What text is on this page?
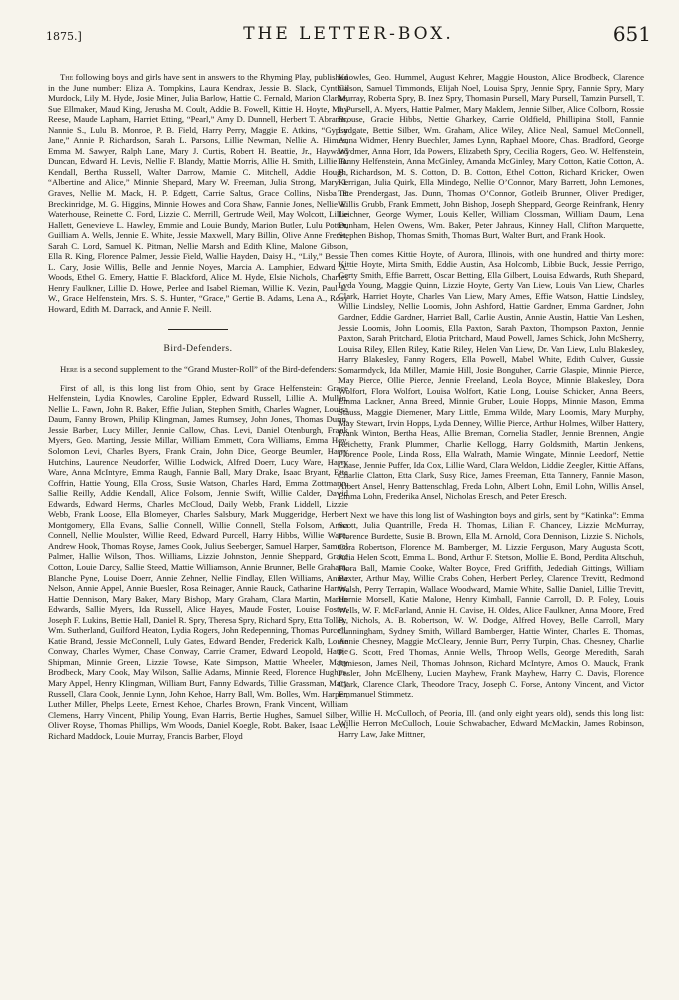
1875.]	THE LETTER-BOX.	651

The following boys and girls have sent in answers to the Rhyming Play, published in the June number: Eliza A. Tompkins, Laura Kendrax, Jessie B. Slack, Cynthia Murdock, Lily M. Hyde, Josie Miner, Julia Barlow, Hattie C. Fernald, Marion Clarke, Sue Ellmaker, Maud King, Jerusha M. Coult, Addie B. Fowell, Kittie H. Hoyte, May Reese, Maude Lapham, Harriet Etting, “Pearl,” Amy D. Dunnell, Herbert T. Abrams, Nannie S., Lulu B. Monroe, P. B. Field, Harry Perry, Maggie E. Atkins, “Gypsy Jane,” Annie P. Richardson, Sarah L. Parsons, Lillie Newman, Nellie A. Himes, Emma M. Sawyer, Ralph Lane, Mary J. Curtis, Robert H. Beattie, Jr., Hayward Duncan, Edward H. Levis, Nellie F. Blandy, Mattie Morris, Allie H. Smith, Lillie B. Kendall, Bertha Russell, Walter Darrow, Mamie C. Mitchell, Addie Hough, “Albertine and Alice,” Minnie Shepard, Mary W. Freeman, Julia Strong, Mary I. Graves, Nellie M. Mack, H. P. Edgett, Carrie Saltus, Grace Collins, Nisba P. Breckinridge, M. G. Higgins, Minnie Howes and Cora Shaw, Fannie Jones, Nellie E. Waterhouse, Reinette C. Ford, Lizzie C. Merrill, Gertrude Weil, May Wolcott, Lillie Hallett, Genevieve L. Hawley, Emmie and Louie Bundy, Marion Butler, Lulu Potter, Guilliam A. Wells, Jennie E. White, Jessie Maxwell, Mary Billin, Olive Anne Freret, Sarah C. Lord, Samuel K. Pitman, Nellie Marsh and Edith Kline, Malone Gibson, Ella R. King, Florence Palmer, Jessie Field, Wallie Hayden, Daisy H., “Lily,” Bessie L. Cary, Josie Willis, Belle and Jennie Noyes, Marcia A. Lamphier, Edward A. Woods, Ethel G. Emery, Hattie F. Blackford, Alice M. Hyde, Elsie Nichols, Charles Henry Faulkner, Lillie D. Howe, Perlee and Isabel Rieman, Willie K. Vezin, Paul E. W., Grace Helfenstein, Mrs. S. S. Hunter, “Grace,” Gertie B. Adams, Lena A., Rosy Howard, Edith M. Darrack, and Annie F. Neill.

Bird-Defenders.

Here is a second supplement to the “Grand Muster-Roll” of the Bird-defenders:

First of all, is this long list from Ohio, sent by Grace Helfenstein: Grace Helfenstein, Lydia Knowles, Caroline Eppler, Edward Russell, Lillie A. Mullin, Nellie L. Fawn, John R. Baker, Effie Julian, Stephen Smith, Charles Wagner, Louisa Daum, Fanny Brown, Philip Klingman, James Rumsey, John Jones, Thomas Dunn, Jessie Barber, Lucy Miller, Jennie Callow, Chas. Levi, Daniel Otenburgh, Frank Myers, Geo. Marting, Jessie Millar, William Emmett, Cora Williams, Emma Hey, Solomon Levi, Charles Byers, Frank Crain, John Dice, George Beumler, Harry Hutchins, Laurence Neudorfer, Willie Lodwick, Alfred Doerr, Lucy Ware, Harry Ware, Anna McIntyre, Emma Raugh, Fannie Ball, Mary Drake, Isaac Bryant, Etta Coffrin, Hattie Young, Ella Cross, Susie Watson, Charles Hard, Emma Zottmann, Sallie Reilly, Addie Kendall, Alice Folsom, Jennie Swift, Willie Calder, David Edwards, Edward Herms, Charles McCloud, Daily Webb, Frank Liddell, Lizzie Webb, Frank Loose, Ella Blomeyer, Charles Salsbury, Mark Muggeridge, Herbert Montgomery, Ella Evans, Sallie Connell, Willie Connell, Stella Folsom, Anna Connell, Nellie Moulster, Willie Reed, Edward Purcell, Harry Hibbs, Willie Ware, Andrew Hook, Thomas Royse, James Cook, Julius Seeberger, Samuel Harper, Samuel Palmer, Hallie Wilson, Thos. Williams, Lizzie Johnston, Jennie Sheppard, Grace Cotton, Louie Darcy, Sallie Steed, Mattie Williamson, Annie Brunner, Belle Graham, Blanche Pyne, Louise Doerr, Annie Zehner, Nellie Findlay, Ellen Williams, Annie Nelson, Annie Appel, Annie Buesler, Rosa Reinager, Annie Rauck, Catharine Harris, Hattie Dennison, Mary Baker, Mary Bishop, Mary Graham, Clara Martin, Martin Edwards, Sallie Myers, Ida Russell, Alice Hayes, Maude Foster, Louise Foster, Joseph F. Lukins, Bettie Hall, Daniel R. Spry, Theresa Spry, Richard Spry, Etta Tolley, Wm. Sutherland, Guilford Heaton, Lydia Rogers, John Redepenning, Thomas Purcell, Katie Brand, Jessie McConnell, Luly Gates, Edward Bender, Frederick Kalb, Louie Conway, Charles Wymer, Chase Conway, Carrie Cramer, Edward Leopold, Hattie Shipman, Minnie Green, Lizzie Towse, Kate Simpson, Mattie Wheeler, Mary Brodbeck, Mary Cook, May Wilson, Sallie Adams, Minnie Reed, Florence Hughes, Mary Appel, Henry Klingman, William Burt, Fanny Edwards, Tillie Grassman, Mary Russell, Clara Cook, Jennie Lynn, John Kehoe, Harry Ball, Wm. Bolles, Wm. Harper, Luther Miller, Phelps Leete, Ernest Kehoe, Charles Brown, Frank Vincent, William Clemens, Harry Vincent, Philip Young, Evan Harris, Bertie Hughes, Samuel Silber, Oliver Royse, Thomas Phillips, Wm Woods, Daniel Koegle, Robt. Baker, Isaac Levi, Richard Maddock, Louie Murray, Francis Barber, Floyd

Knowles, Geo. Hummel, August Kehrer, Maggie Houston, Alice Brodbeck, Clarence Gilson, Samuel Timmonds, Elijah Noel, Louisa Spry, Jennie Spry, Fannie Spry, Mary Murray, Roberta Spry, B. Inez Spry, Thomasin Pursell, Mary Pursell, Tamzin Pursell, T. J. Pursell, A. Myers, Hattie Palmer, Mary Maklem, Jennie Silber, Alice Colborn, Rossie Brouse, Gracie Hibbs, Nettie Gharkey, Carrie Oldfield, Phillipina Stoll, Fannie Ludgate, Bettie Silber, Wm. Graham, Alice Wiley, Alice Neal, Samuel McConnell, Anna Widmer, Henry Buechler, James Lynn, Raphael Moore, Chas. Bradford, George Wydmer, Anna Horr, Ida Powers, Elizabeth Spry, Cecilia Rogers, Geo. W. Helfenstein, Fanny Helfenstein, Anna McGinley, Amanda McGinley, Mary Cotton, Katie Cotton, A. B. Richardson, M. S. Cotton, D. B. Cotton, Ethel Cotton, Richard Kricker, Owen Kerrigan, Julia Quirk, Ella Mindego, Nellie O’Connor, Mary Barrett, John Lemones, Tate Prendergast, Jas. Dunn, Thomas O’Connor, Gotleib Brunner, Oliver Prediger, Willis Grubb, Frank Emmett, John Bishop, Joseph Sheppard, George Reinfrank, Henry Leichner, George Wymer, Louis Keller, William Clossman, William Daum, Lena Dunham, Helen Owens, Wm. Baker, Peter Jahraus, Kinney Hall, Clifton Marquette, Stephen Bishop, Thomas Smith, Thomas Burt, Walter Burt, and Frank Hook.

Then comes Kittie Hoyte, of Aurora, Illinois, with one hundred and thirty more: Kittie Hoyte, Mirta Smith, Eddie Austin, Asa Holcomb, Libbie Buck, Jessie Perrigo, Gerty Smith, Effie Barrett, Oscar Betting, Ella Gilbert, Louisa Edwards, Ruth Shepard, Lyda Young, Maggie Quinn, Lizzie Hoyte, Gerty Van Liew, Louis Van Liew, Charles Clark, Harriet Hoyte, Charles Van Liew, Mary Ames, Effie Watson, Hattie Lindsley, Willie Lindsley, Nellie Loomis, John Ashford, Hattie Gardner, Emma Gardner, John Gardner, Eddie Gardner, Harriet Ball, Carlie Austin, Annie Austin, Hattie Van Leshen, Jessie Loomis, John Loomis, Ella Paxton, Sarah Paxton, Thompson Paxton, Jennie Paxton, Sarah Pritchard, Elotia Pritchard, Maud Powell, James Schick, John McSherry, Louisa Riley, Ellen Riley, Katie Riley, Helen Van Liew, Dr. Van Liew, Lulu Blakesley, Harry Blakesley, Fanny Rogers, Ella Powell, Mabel White, Edith Culver, Gussie Somarmdyck, Ida Miller, Mamie Hill, Josie Bonguher, Carrie Glaspie, Minnie Pierce, May Pierce, Ollie Pierce, Jennie Freeland, Leola Boyce, Minnie Blakesley, Dora Wolfort, Flora Wolfort, Louisa Wolfort, Katie Long, Louise Schicker, Anna Beers, Emma Lackner, Anna Breed, Minnie Gruber, Louie Hopps, Minnie Mason, Emma Stauss, Maggie Diemener, Mary Little, Emma Wilde, Mary Loomis, Mary Murphy, May Stewart, Irvin Hopps, Lyda Denney, Willie Pierce, Arthur Holmes, Wilber Hattery, Frank Winton, Bertha Heas, Allie Breman, Cornelia Stadler, Jennie Brennen, Angie Reichetty, Frank Plummer, Charlie Kellogg, Harry Goldsmith, Martin Jenkens, Florence Poole, Linda Ross, Ella Walrath, Mamie Wingate, Minnie Leedorf, Nettie Chase, Jennie Puffer, Ida Cox, Lillie Ward, Clara Weldon, Liddie Zeegler, Kittie Affans, Charlie Clatton, Etta Clark, Susy Rice, James Freeman, Etta Tannery, Fannie Mason, Albert Ansel, Henry Battenschlag, Freda Lohn, Albert Lohn, Emil Lohn, Willis Ansel, Emma Lohn, Frederika Ansel, Nicholas Eresch, and Peter Eresch.

Next we have this long list of Washington boys and girls, sent by “Katinka”: Emma Scott, Julia Quantrille, Freda H. Thomas, Lilian F. Chancey, Lizzie McMurray, Florence Burdette, Susie B. Brown, Ella M. Arnold, Cora Dennison, Lizzie S. Nichols, Cora Robertson, Florence M. Bamberger, M. Lizzie Ferguson, Mary Augusta Scott, Julia Helen Scott, Emma L. Bond, Arthur F. Stetson, Mollie E. Bond, Perdita Altschuh, Flora Ball, Mamie Cooke, Walter Boyce, Fred Griffith, Jedediah Gittings, William Baxter, Arthur May, Willie Crabs Cohen, Herbert Perley, Clarence Trevitt, Redmond Walsh, Perry Terrapin, Wallace Woodward, Mamie White, Sallie Daniel, Lillie Trevitt, Hernie Morsell, Katie Malone, Henry Kimball, Fannie Carroll, D. P. Foley, Louis Wells, W. F. McFarland, Annie H. Cavise, H. Oldes, Alice Faulkner, Anna Moore, Fred B. Nichols, A. B. Robertson, W. W. Dodge, Alfred Hovey, Belle Carroll, Mary Cunningham, Sydney Smith, Willard Bamberger, Hattie Winter, Charles E. Thomas, Annie Chesney, Maggie McCleary, Jennie Burr, Perry Turpin, Chas. Chesney, Charlie P. G. Scott, Fred Thomas, Annie Wells, Throop Wells, George Meredith, Sarah Jamieson, James Neil, Thomas Johnson, Richard McIntyre, Amos O. Mauck, Frank Fesler, John McElheny, Lucien Mayhew, Frank Mayhew, Harry C. Davis, Florence Clark, Clarence Clark, Theodore Tracy, Joseph C. Forse, Antony Vincent, and Victor Emmanuel Stimmetz.

Willie H. McCulloch, of Peoria, Ill. (and only eight years old), sends this long list: Willie Herron McCulloch, Louie Schwabacher, Edward McMackin, James Robinson, Harry Law, Jake Mittner,
